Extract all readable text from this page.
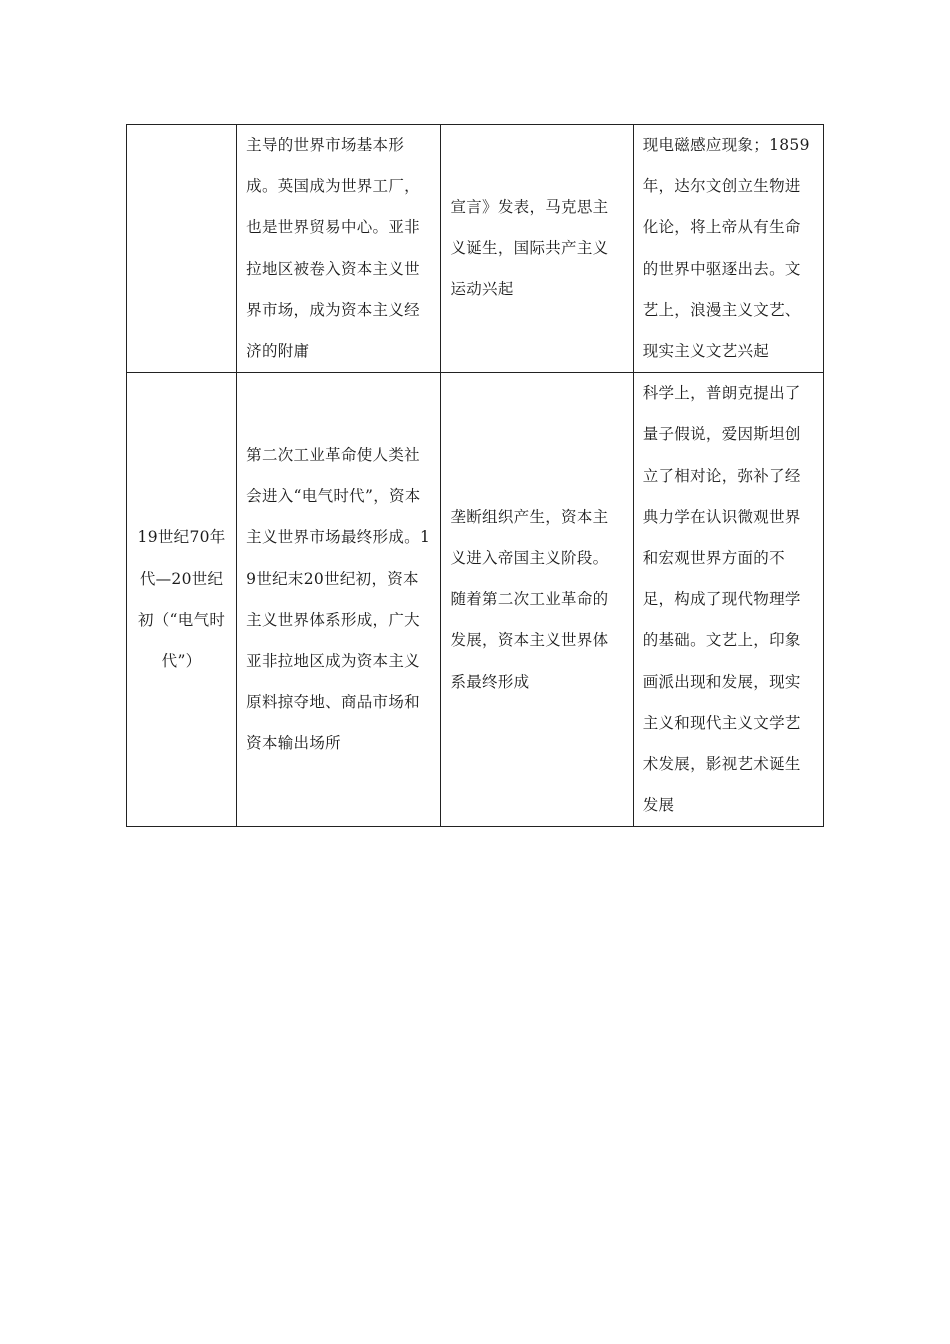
	主导的世界市场基本形成。英国成为世界工厂，也是世界贸易中心。亚非拉地区被卷入资本主义世界市场，成为资本主义经济的附庸	宣言》发表，马克思主义诞生，国际共产主义运动兴起	现电磁感应现象；1859年，达尔文创立生物进化论，将上帝从有生命的世界中驱逐出去。文艺上，浪漫主义文艺、现实主义文艺兴起

19世纪70年代—20世纪初（“电气时代”）	第二次工业革命使人类社会进入“电气时代”，资本主义世界市场最终形成。19世纪末20世纪初，资本主义世界体系形成，广大亚非拉地区成为资本主义原料掠夺地、商品市场和资本输出场所	垄断组织产生，资本主义进入帝国主义阶段。随着第二次工业革命的发展，资本主义世界体系最终形成	科学上，普朗克提出了量子假说，爱因斯坦创立了相对论，弥补了经典力学在认识微观世界和宏观世界方面的不足，构成了现代物理学的基础。文艺上，印象画派出现和发展，现实主义和现代主义文学艺术发展，影视艺术诞生发展
